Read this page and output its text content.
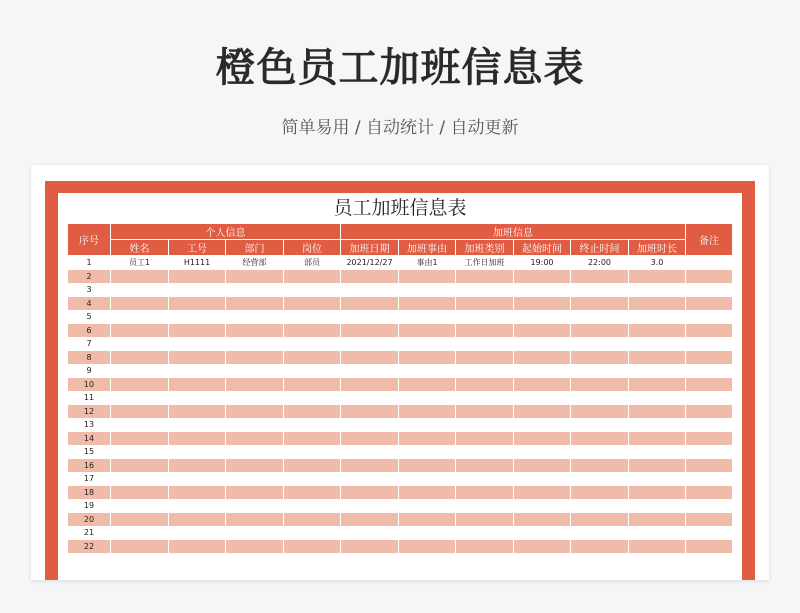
橙色员工加班信息表
简单易用 / 自动统计 / 自动更新
员工加班信息表
序号	个人信息				加班信息						备注
	姓名	工号	部门	岗位	加班日期	加班事由	加班类别	起始时间	终止时间	加班时长	
1	员工1	H1111	经营部	部员	2021/12/27	事由1	工作日加班	19:00	22:00	3.0	
2											
3											
4											
5											
6											
7											
8											
9											
10											
11											
12											
13											
14											
15											
16											
17											
18											
19											
20											
21											
22											
